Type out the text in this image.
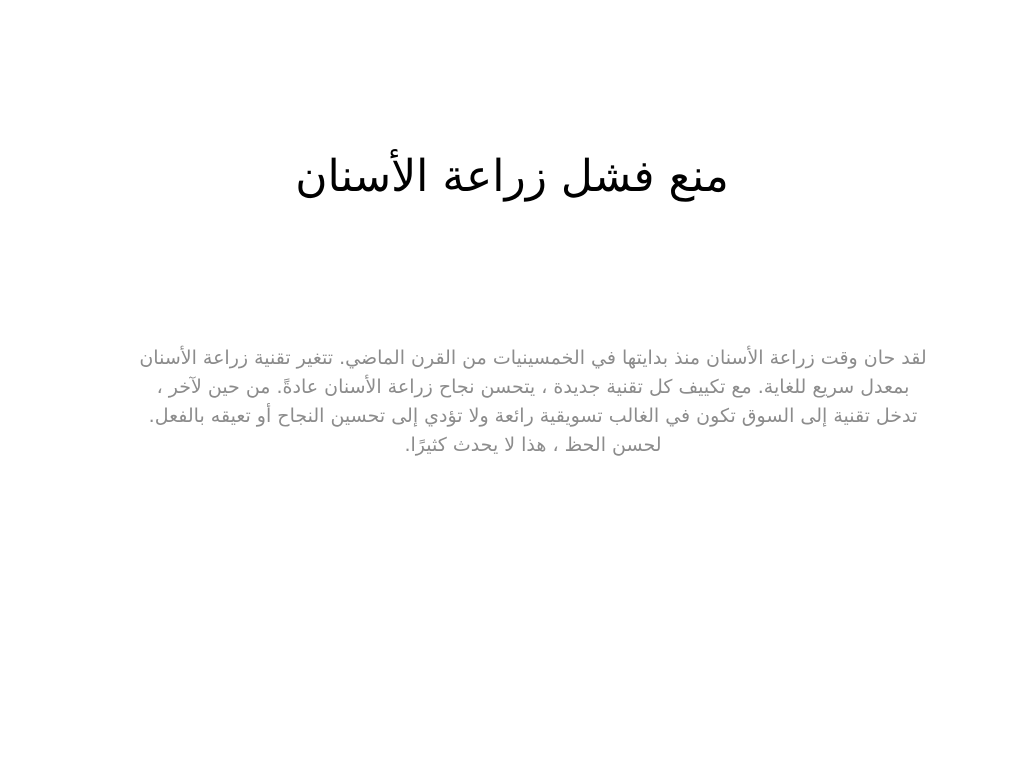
منع فشل زراعة الأسنان

لقد حان وقت زراعة الأسنان منذ بدايتها في الخمسينيات من القرن الماضي. تتغير تقنية زراعة الأسنان بمعدل سريع للغاية. مع تكييف كل تقنية جديدة ، يتحسن نجاح زراعة الأسنان عادةً. من حين لآخر ، تدخل تقنية إلى السوق تكون في الغالب تسويقية رائعة ولا تؤدي إلى تحسين النجاح أو تعيقه بالفعل. لحسن الحظ ، هذا لا يحدث كثيرًا.
